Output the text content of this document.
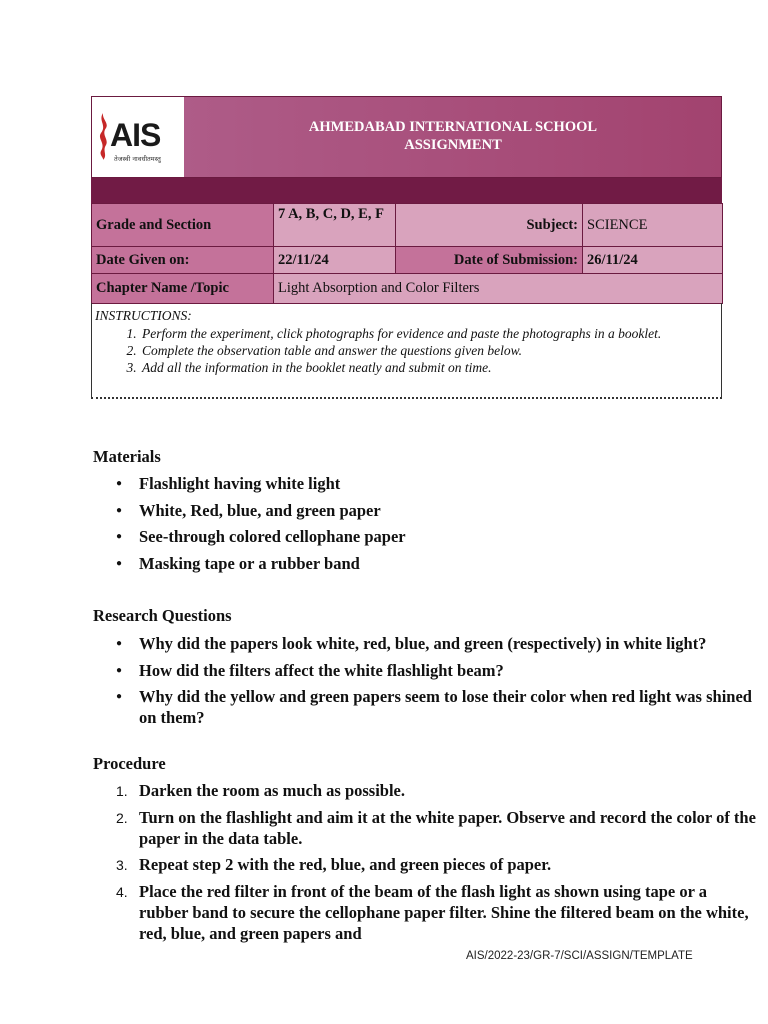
AIS
तेजस्वी नावधीतमस्तु
AHMEDABAD INTERNATIONAL SCHOOL
ASSIGNMENT
Grade and Section	7 A, B, C, D, E, F	Subject:	SCIENCE
Date Given on:	22/11/24	Date of Submission:	26/11/24
Chapter Name /Topic	Light Absorption and Color Filters		
INSTRUCTIONS:
1. Perform the experiment, click photographs for evidence and paste the photographs in a booklet.
2. Complete the observation table and answer the questions given below.
3. Add all the information in the booklet neatly and submit on time.
Materials
● Flashlight having white light
● White, Red, blue, and green paper
● See-through colored cellophane paper
● Masking tape or a rubber band
Research Questions
● Why did the papers look white, red, blue, and green (respectively) in white light?
● How did the filters affect the white flashlight beam?
● Why did the yellow and green papers seem to lose their color when red light was shined on them?
Procedure
Darken the room as much as possible.
Turn on the flashlight and aim it at the white paper. Observe and record the color of the paper in the data table.
Repeat step 2 with the red, blue, and green pieces of paper.
Place the red filter in front of the beam of the flash light as shown using tape or a rubber band to secure the cellophane paper filter. Shine the filtered beam on the white, red, blue, and green papers and
AIS/2022-23/GR-7/SCI/ASSIGN/TEMPLATE
